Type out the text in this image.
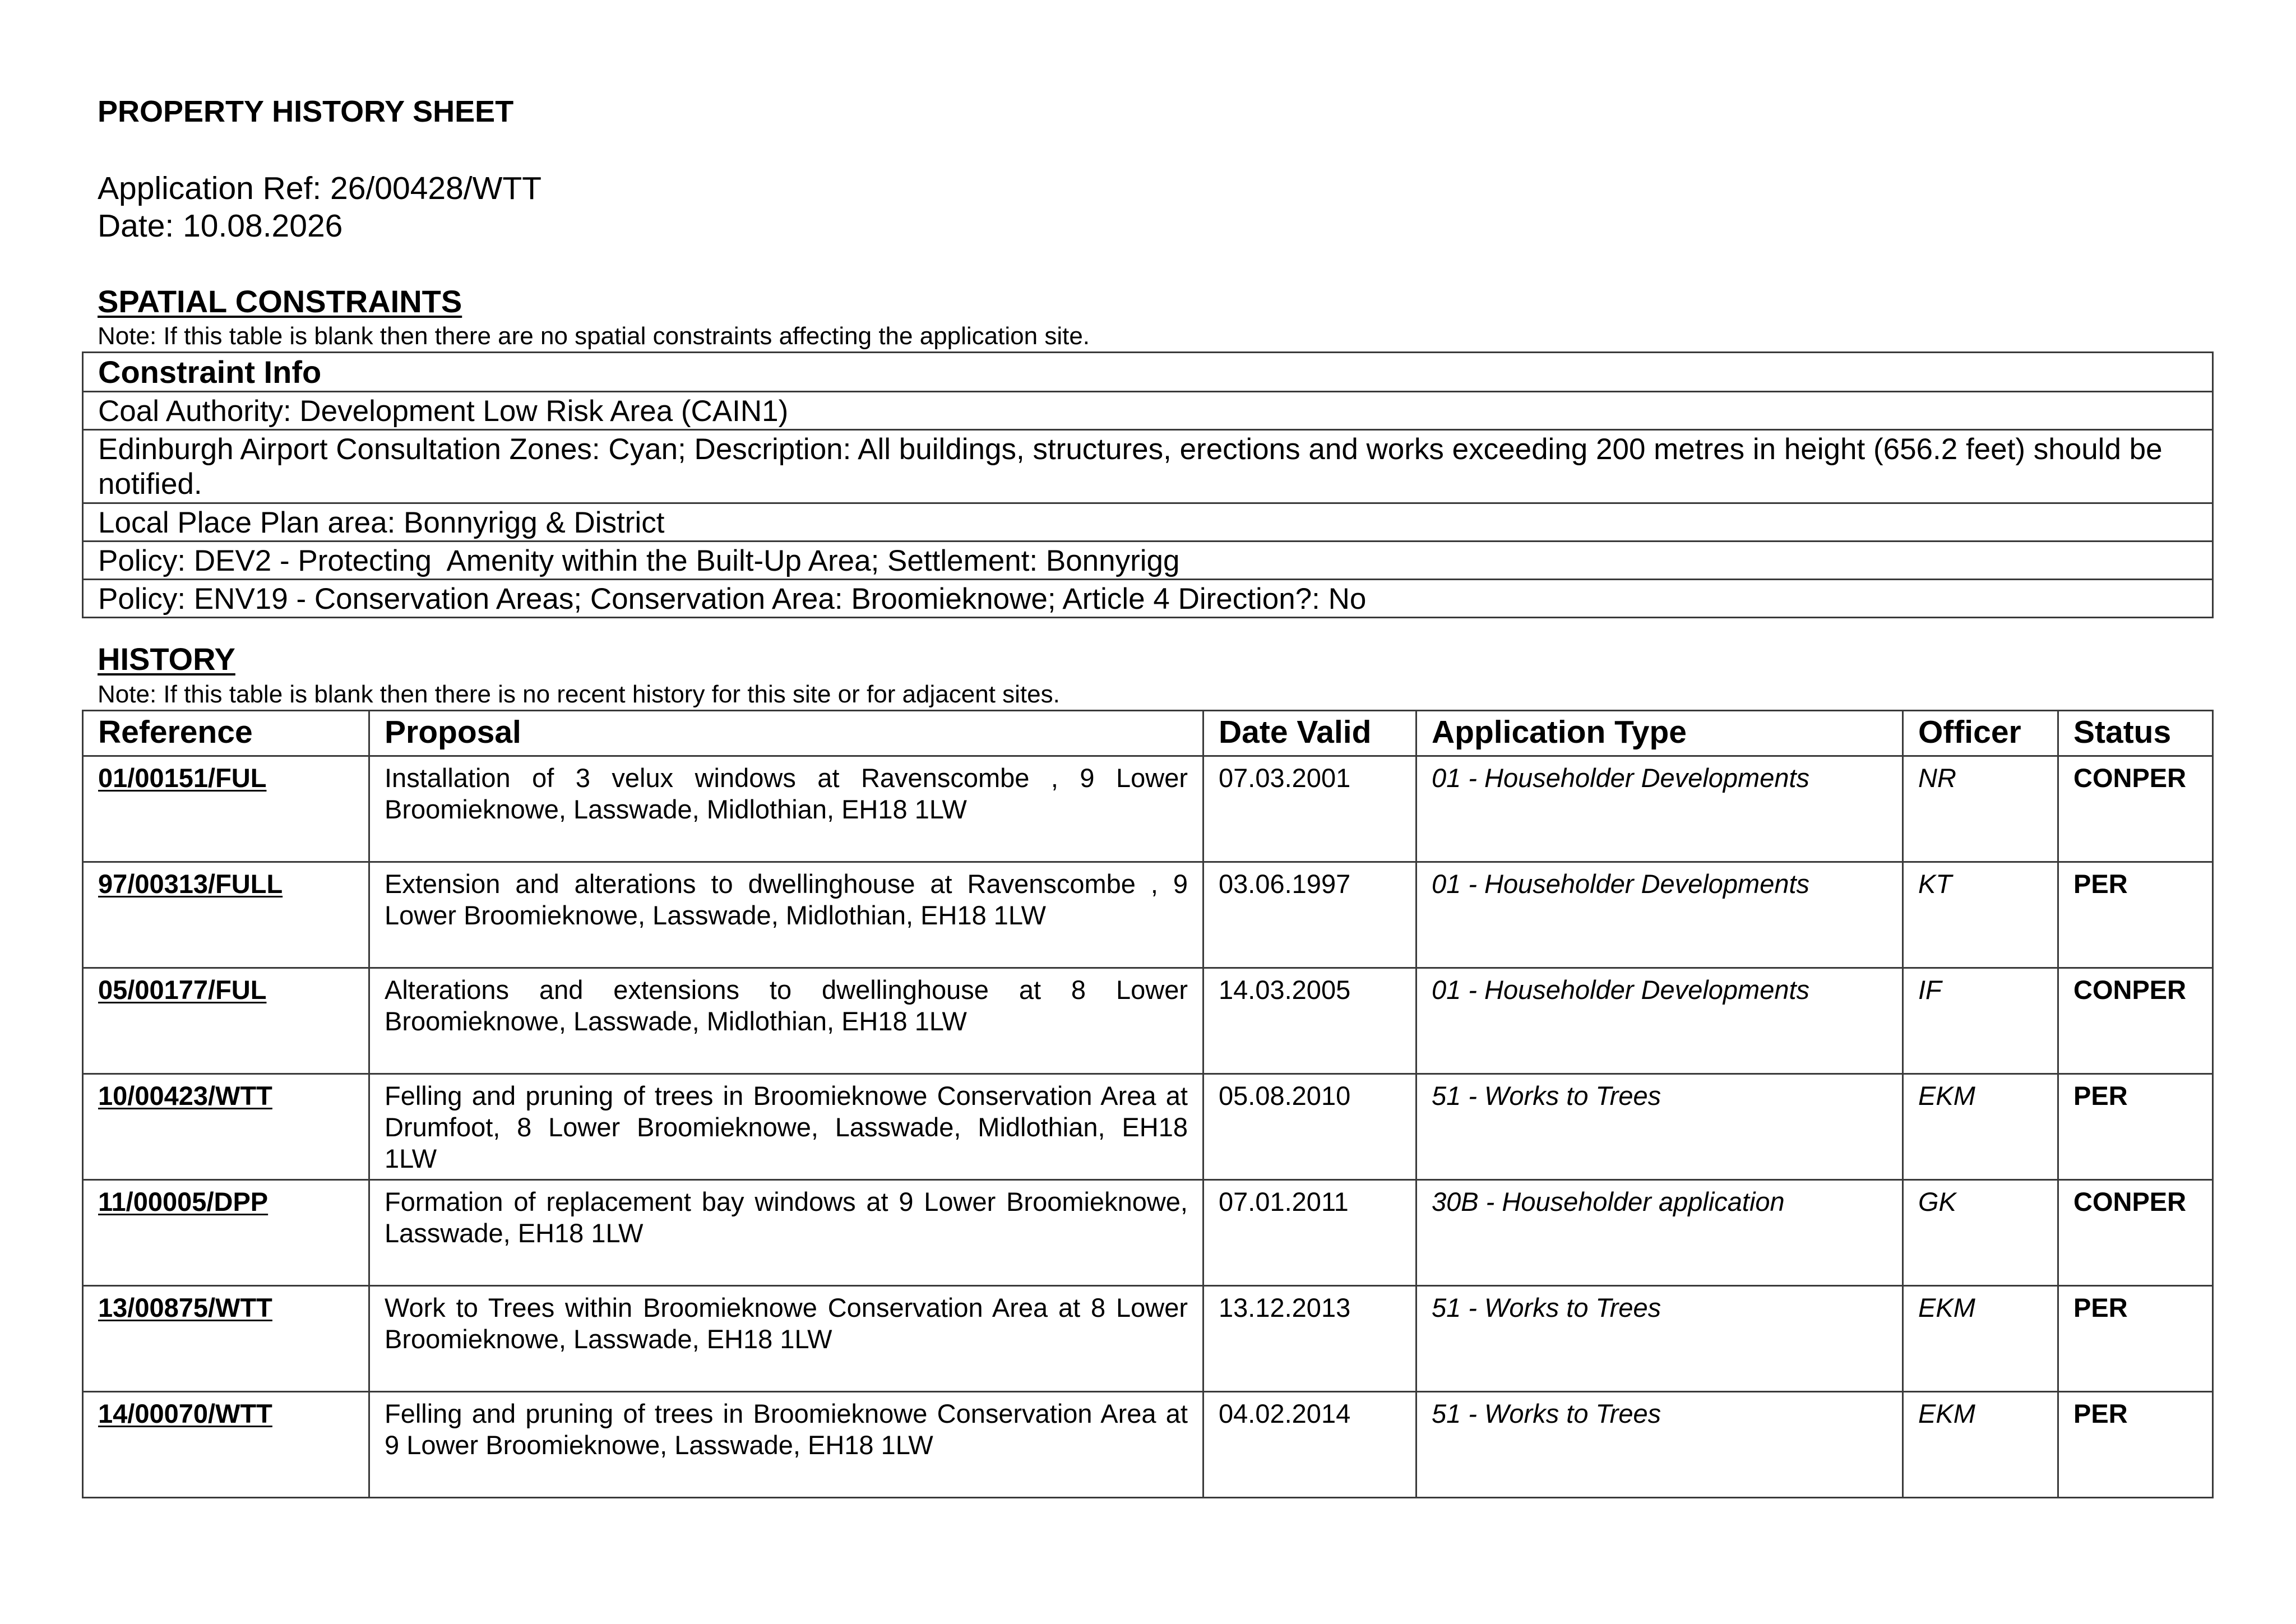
PROPERTY HISTORY SHEET
Application Ref: 26/00428/WTT
Date: 10.08.2026
SPATIAL CONSTRAINTS
Note: If this table is blank then there are no spatial constraints affecting the application site.
Constraint Info
Coal Authority: Development Low Risk Area (CAIN1)
Edinburgh Airport Consultation Zones: Cyan; Description: All buildings, structures, erections and works exceeding 200 metres in height (656.2 feet) should be notified.
Local Place Plan area: Bonnyrigg & District
Policy: DEV2 - Protecting  Amenity within the Built-Up Area; Settlement: Bonnyrigg
Policy: ENV19 - Conservation Areas; Conservation Area: Broomieknowe; Article 4 Direction?: No
HISTORY
Note: If this table is blank then there is no recent history for this site or for adjacent sites.
Reference	Proposal	Date Valid	Application Type	Officer	Status
01/00151/FUL	Installation of 3 velux windows at Ravenscombe , 9 Lower Broomieknowe, Lasswade, Midlothian, EH18 1LW	07.03.2001	01 - Householder Developments	NR	CONPER
97/00313/FULL	Extension and alterations to dwellinghouse at Ravenscombe , 9 Lower Broomieknowe, Lasswade, Midlothian, EH18 1LW	03.06.1997	01 - Householder Developments	KT	PER
05/00177/FUL	Alterations and extensions to dwellinghouse at 8 Lower Broomieknowe, Lasswade, Midlothian, EH18 1LW	14.03.2005	01 - Householder Developments	IF	CONPER
10/00423/WTT	Felling and pruning of trees in Broomieknowe Conservation Area at Drumfoot, 8 Lower Broomieknowe, Lasswade, Midlothian, EH18 1LW	05.08.2010	51 - Works to Trees	EKM	PER
11/00005/DPP	Formation of replacement bay windows at 9 Lower Broomieknowe, Lasswade, EH18 1LW	07.01.2011	30B - Householder application	GK	CONPER
13/00875/WTT	Work to Trees within Broomieknowe Conservation Area at 8 Lower Broomieknowe, Lasswade, EH18 1LW	13.12.2013	51 - Works to Trees	EKM	PER
14/00070/WTT	Felling and pruning of trees in Broomieknowe Conservation Area at 9 Lower Broomieknowe, Lasswade, EH18 1LW	04.02.2014	51 - Works to Trees	EKM	PER
